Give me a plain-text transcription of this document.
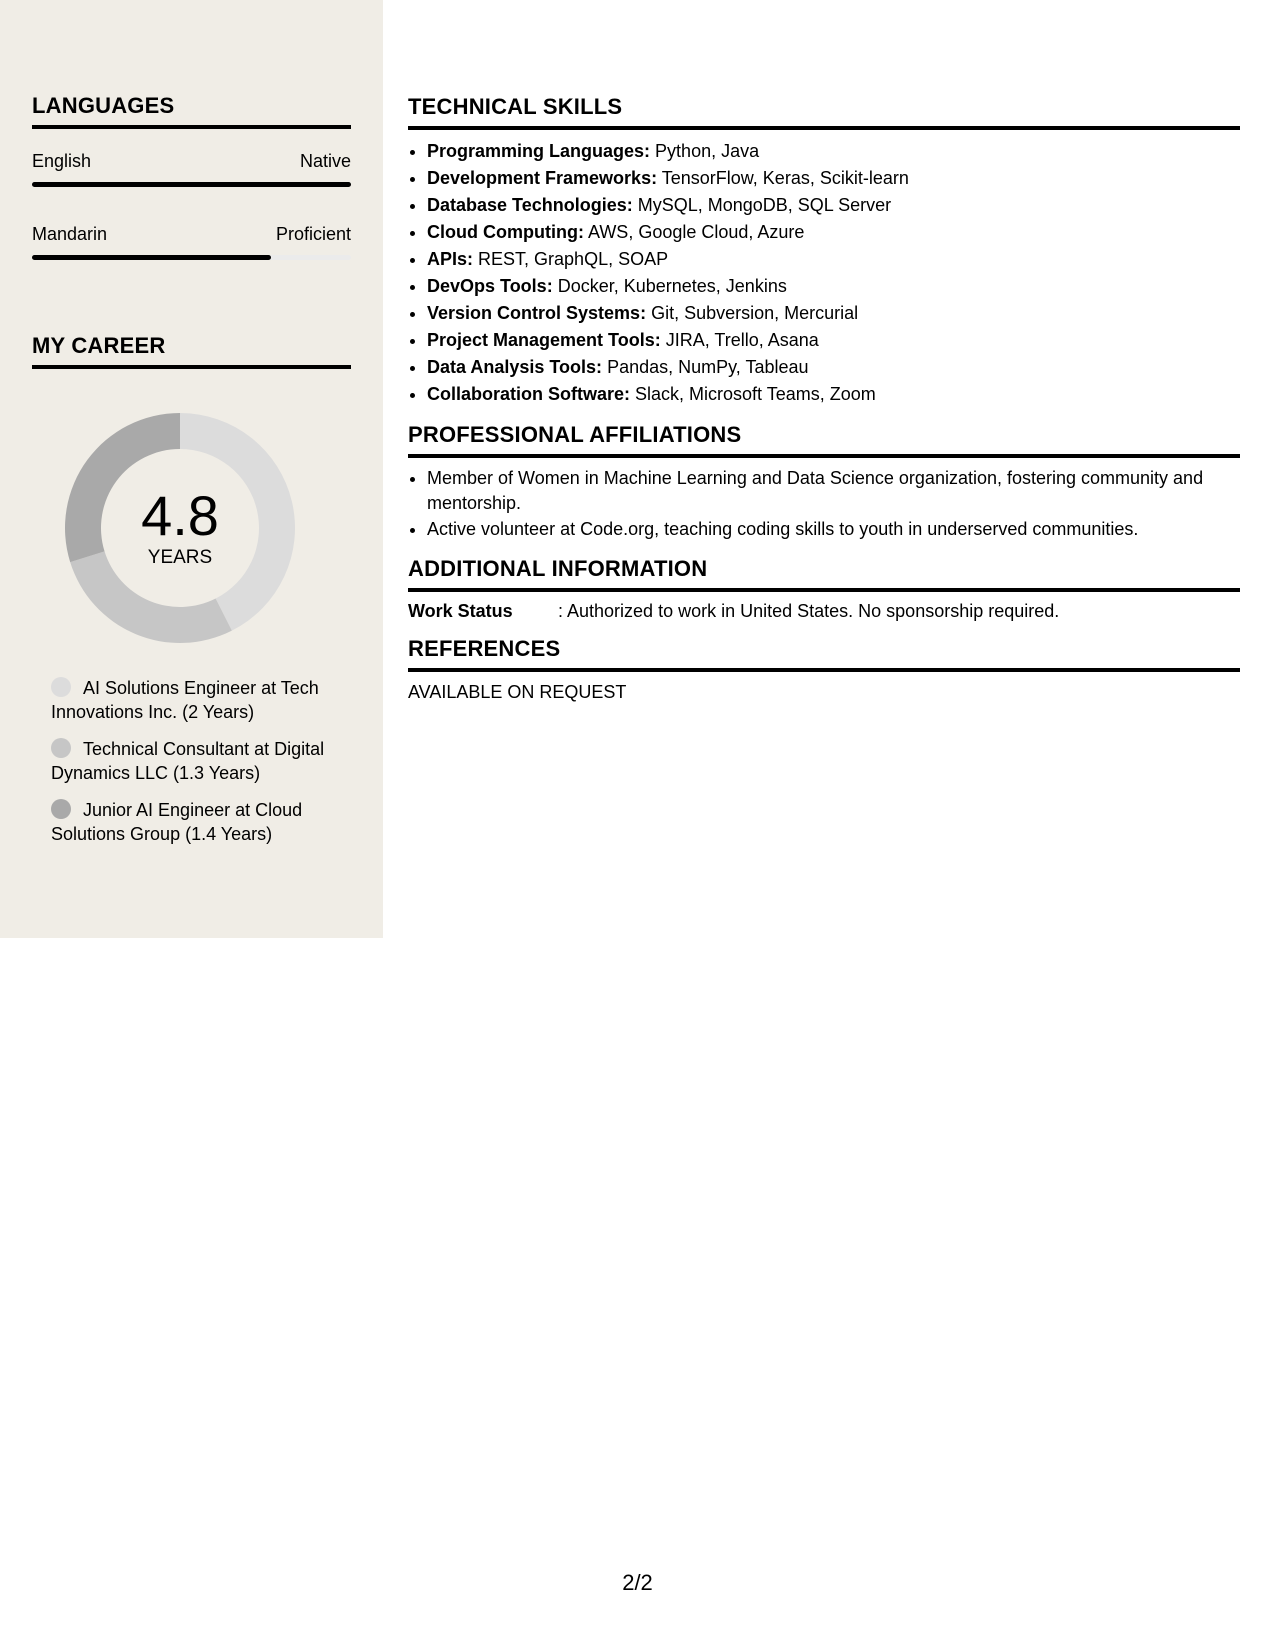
LANGUAGES
English	Native
Mandarin	Proficient
MY CAREER
4.8
YEARS
AI Solutions Engineer at Tech Innovations Inc. (2 Years)
Technical Consultant at Digital Dynamics LLC (1.3 Years)
Junior AI Engineer at Cloud Solutions Group (1.4 Years)
TECHNICAL SKILLS
• Programming Languages: Python, Java
• Development Frameworks: TensorFlow, Keras, Scikit-learn
• Database Technologies: MySQL, MongoDB, SQL Server
• Cloud Computing: AWS, Google Cloud, Azure
• APIs: REST, GraphQL, SOAP
• DevOps Tools: Docker, Kubernetes, Jenkins
• Version Control Systems: Git, Subversion, Mercurial
• Project Management Tools: JIRA, Trello, Asana
• Data Analysis Tools: Pandas, NumPy, Tableau
• Collaboration Software: Slack, Microsoft Teams, Zoom
PROFESSIONAL AFFILIATIONS
• Member of Women in Machine Learning and Data Science organization, fostering community and mentorship.
• Active volunteer at Code.org, teaching coding skills to youth in underserved communities.
ADDITIONAL INFORMATION
Work Status	: Authorized to work in United States. No sponsorship required.
REFERENCES

AVAILABLE ON REQUEST

2/2
